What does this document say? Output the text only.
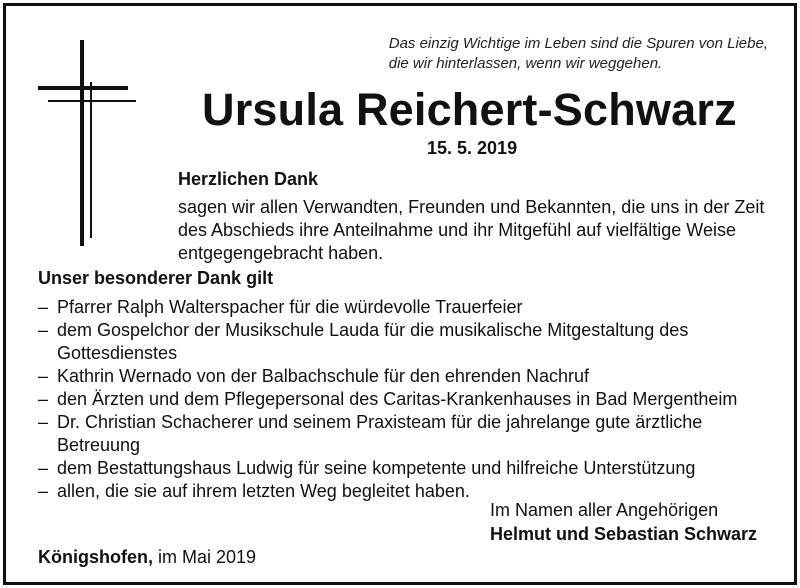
Das einzig Wichtige im Leben sind die Spuren von Liebe,
die wir hinterlassen, wenn wir weggehen.
Ursula Reichert-Schwarz
15. 5. 2019
Herzlichen Dank
sagen wir allen Verwandten, Freunden und Bekannten, die uns in der Zeit des Abschieds ihre Anteilnahme und ihr Mitgefühl auf vielfältige Weise entgegengebracht haben.
Unser besonderer Dank gilt
– Pfarrer Ralph Walterspacher für die würdevolle Trauerfeier
– dem Gospelchor der Musikschule Lauda für die musikalische Mitgestaltung des Gottesdienstes
– Kathrin Wernado von der Balbachschule für den ehrenden Nachruf
– den Ärzten und dem Pflegepersonal des Caritas-Krankenhauses in Bad Mergentheim
– Dr. Christian Schacherer und seinem Praxisteam für die jahrelange gute ärztliche Betreuung
– dem Bestattungshaus Ludwig für seine kompetente und hilfreiche Unterstützung
– allen, die sie auf ihrem letzten Weg begleitet haben.
Im Namen aller Angehörigen
Helmut und Sebastian Schwarz
Königshofen, im Mai 2019
